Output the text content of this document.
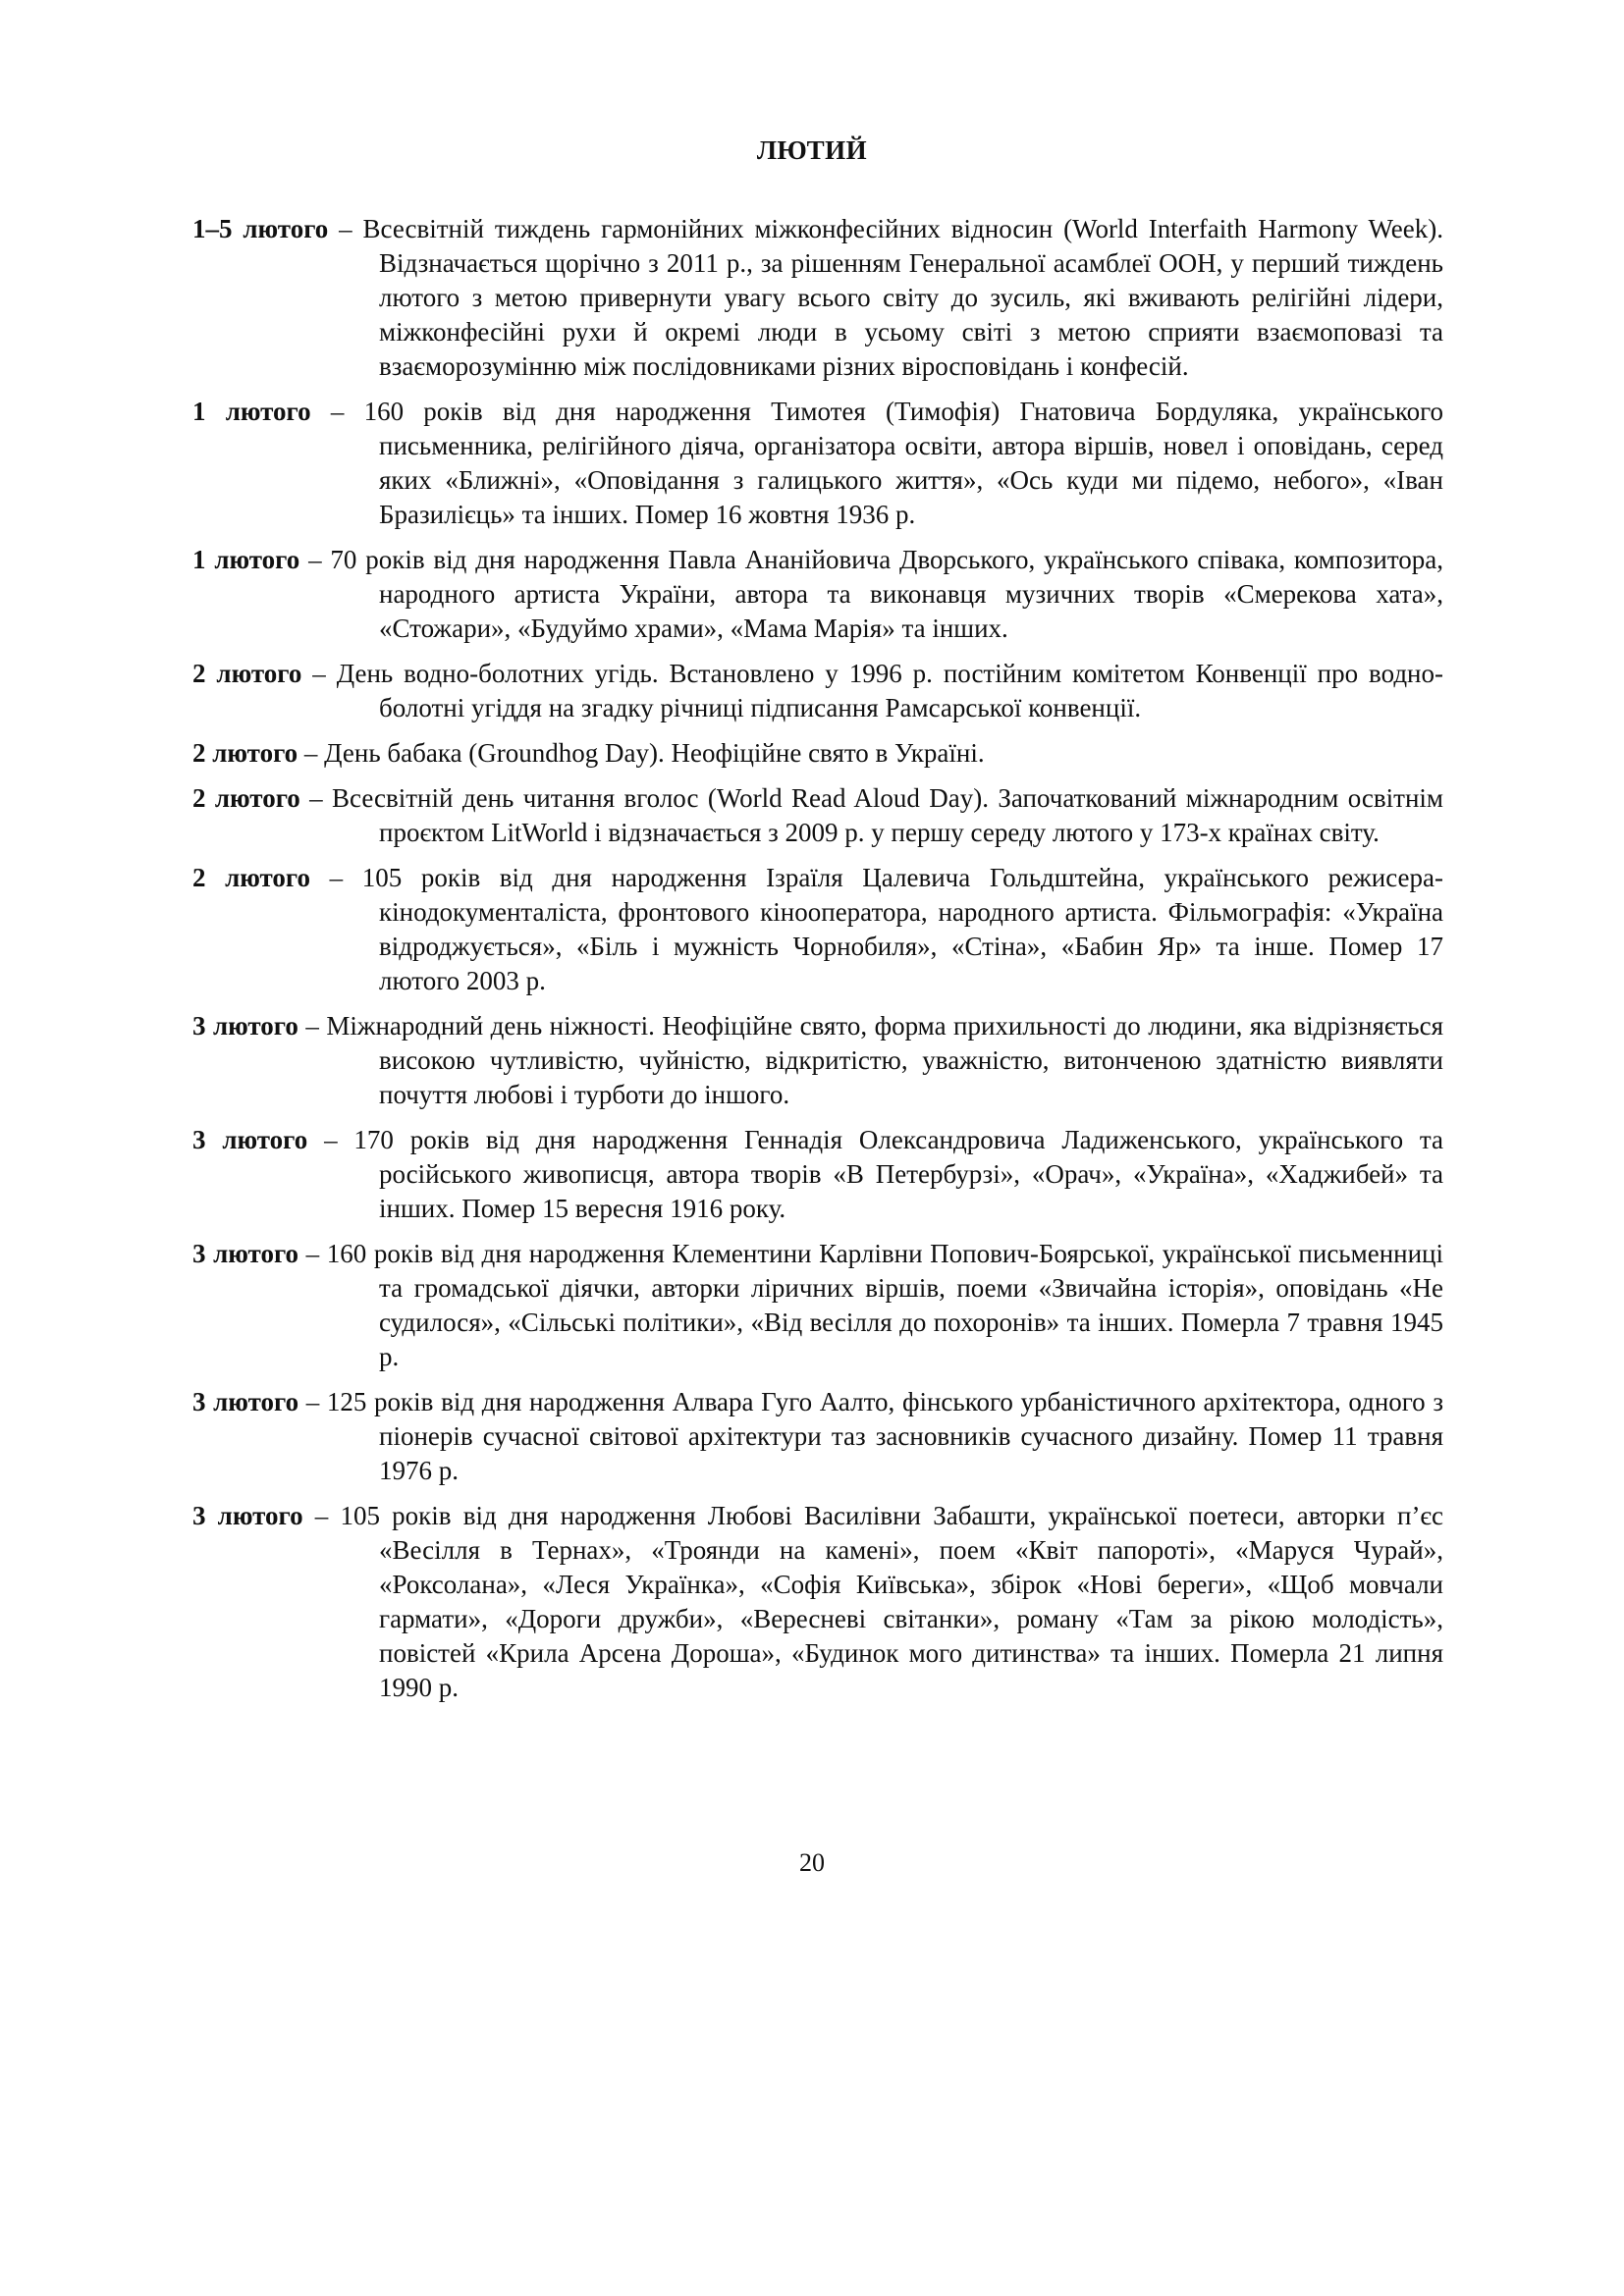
ЛЮТИЙ

1–5 лютого – Всесвітній тиждень гармонійних міжконфесійних відносин (World Interfaith Harmony Week). Відзначається щорічно з 2011 р., за рішенням Генеральної асамблеї ООН, у перший тиждень лютого з метою привернути увагу всього світу до зусиль, які вживають релігійні лідери, міжконфесійні рухи й окремі люди в усьому світі з метою сприяти взаємоповазі та взаєморозумінню між послідовниками різних віросповідань і конфесій.

1 лютого – 160 років від дня народження Тимотея (Тимофія) Гнатовича Бордуляка, українського письменника, релігійного діяча, організатора освіти, автора віршів, новел і оповідань, серед яких «Ближні», «Оповідання з галицького життя», «Ось куди ми підемо, небого», «Іван Бразилієць» та інших. Помер 16 жовтня 1936 р.

1 лютого – 70 років від дня народження Павла Ананійовича Дворського, українського співака, композитора, народного артиста України, автора та виконавця музичних творів «Смерекова хата», «Стожари», «Будуймо храми», «Мама Марія» та інших.

2 лютого – День водно-болотних угідь. Встановлено у 1996 р. постійним комітетом Конвенції про водно-болотні угіддя на згадку річниці підписання Рамсарської конвенції.

2 лютого – День бабака (Groundhog Day). Неофіційне свято в Україні.

2 лютого – Всесвітній день читання вголос (World Read Aloud Day). Започаткований міжнародним освітнім проєктом LitWorld і відзначається з 2009 р. у першу середу лютого у 173-х країнах світу.

2 лютого – 105 років від дня народження Ізраїля Цалевича Гольдштейна, українського режисера-кінодокументаліста, фронтового кінооператора, народного артиста. Фільмографія: «Україна відроджується», «Біль і мужність Чорнобиля», «Стіна», «Бабин Яр» та інше. Помер 17 лютого 2003 р.

3 лютого – Міжнародний день ніжності. Неофіційне свято, форма прихильності до людини, яка відрізняється високою чутливістю, чуйністю, відкритістю, уважністю, витонченою здатністю виявляти почуття любові і турботи до іншого.

3 лютого – 170 років від дня народження Геннадія Олександровича Ладиженського, українського та російського живописця, автора творів «В Петербурзі», «Орач», «Україна», «Хаджибей» та інших. Помер 15 вересня 1916 року.

3 лютого – 160 років від дня народження Клементини Карлівни Попович-Боярської, української письменниці та громадської діячки, авторки ліричних віршів, поеми «Звичайна історія», оповідань «Не судилося», «Сільські політики», «Від весілля до похоронів» та інших. Померла 7 травня 1945 р.

3 лютого – 125 років від дня народження Алвара Гуго Аалто, фінського урбаністичного архітектора, одного з піонерів сучасної світової архітектури таз засновників сучасного дизайну. Помер 11 травня 1976 р.

3 лютого – 105 років від дня народження Любові Василівни Забашти, української поетеси, авторки п’єс «Весілля в Тернах», «Троянди на камені», поем «Квіт папороті», «Маруся Чурай», «Роксолана», «Леся Українка», «Софія Київська», збірок «Нові береги», «Щоб мовчали гармати», «Дороги дружби», «Вересневі світанки», роману «Там за рікою молодість», повістей «Крила Арсена Дороша», «Будинок мого дитинства» та інших. Померла 21 липня 1990 р.

20
